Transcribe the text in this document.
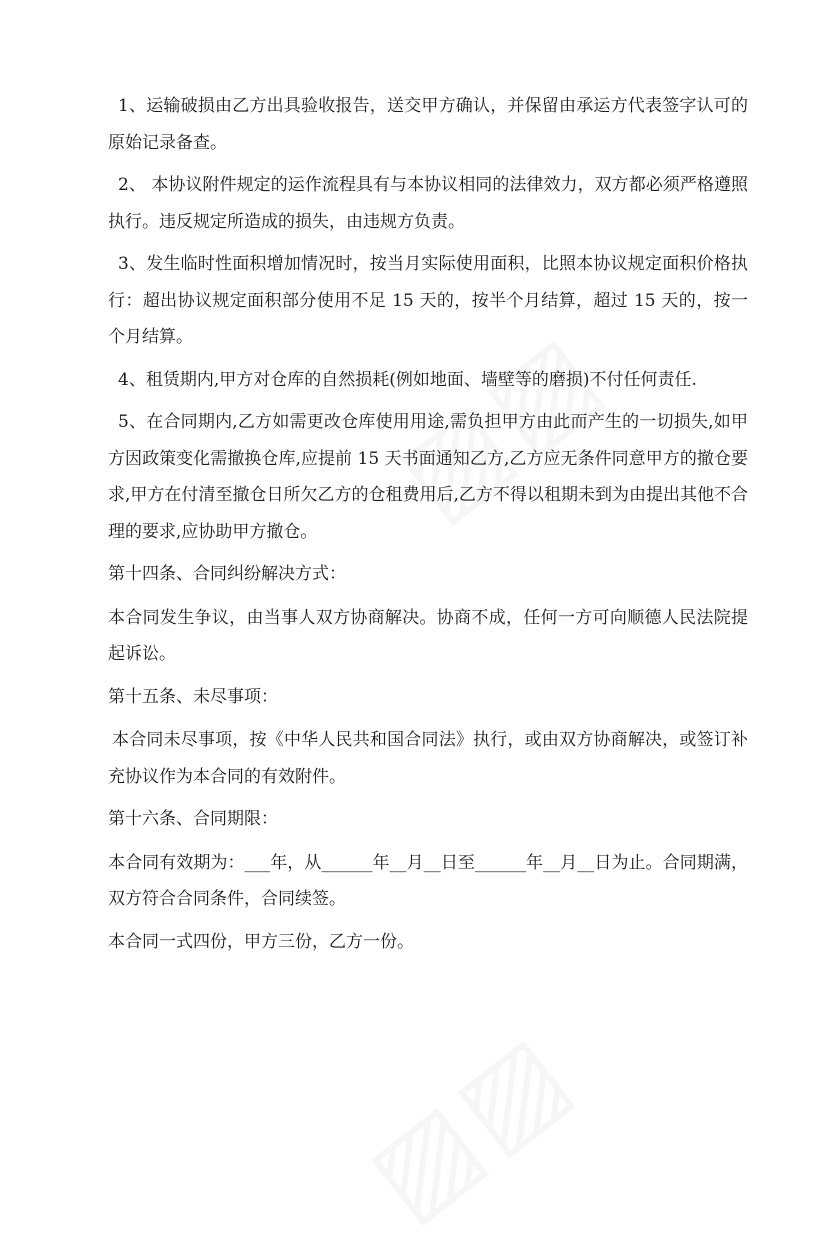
1、运输破损由乙方出具验收报告，送交甲方确认，并保留由承运方代表签字认可的原始记录备查。

2、 本协议附件规定的运作流程具有与本协议相同的法律效力，双方都必须严格遵照执行。违反规定所造成的损失，由违规方负责。

3、发生临时性面积增加情况时，按当月实际使用面积，比照本协议规定面积价格执行：超出协议规定面积部分使用不足 15 天的，按半个月结算，超过 15 天的，按一个月结算。

4、租赁期内,甲方对仓库的自然损耗(例如地面、墙壁等的磨损)不付任何责任.

5、在合同期内,乙方如需更改仓库使用用途,需负担甲方由此而产生的一切损失,如甲方因政策变化需撤换仓库,应提前 15 天书面通知乙方,乙方应无条件同意甲方的撤仓要求,甲方在付清至撤仓日所欠乙方的仓租费用后,乙方不得以租期未到为由提出其他不合理的要求,应协助甲方撤仓。

第十四条、合同纠纷解决方式：

本合同发生争议，由当事人双方协商解决。协商不成，任何一方可向顺德人民法院提起诉讼。

第十五条、未尽事项：

本合同未尽事项，按《中华人民共和国合同法》执行，或由双方协商解决，或签订补充协议作为本合同的有效附件。

第十六条、合同期限：

本合同有效期为：___年，从______年__月__日至______年__月__日为止。合同期满，双方符合合同条件，合同续签。

本合同一式四份，甲方三份，乙方一份。
